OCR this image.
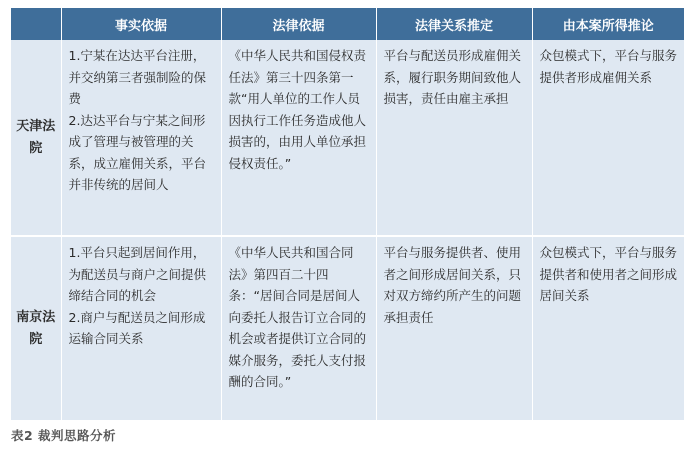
	事实依据	法律依据	法律关系推定	由本案所得推论
天津法院	1.宁某在达达平台注册，并交纳第三者强制险的保费
2.达达平台与宁某之间形成了管理与被管理的关系，成立雇佣关系，平台并非传统的居间人	《中华人民共和国侵权责任法》第三十四条第一款“用人单位的工作人员因执行工作任务造成他人损害的，由用人单位承担侵权责任。”	平台与配送员形成雇佣关系，履行职务期间致他人损害，责任由雇主承担	众包模式下，平台与服务提供者形成雇佣关系
南京法院	1.平台只起到居间作用，为配送员与商户之间提供缔结合同的机会
2.商户与配送员之间形成运输合同关系	《中华人民共和国合同法》第四百二十四条：“居间合同是居间人向委托人报告订立合同的机会或者提供订立合同的媒介服务，委托人支付报酬的合同。”	平台与服务提供者、使用者之间形成居间关系，只对双方缔约所产生的问题承担责任	众包模式下，平台与服务提供者和使用者之间形成居间关系
表2 裁判思路分析
